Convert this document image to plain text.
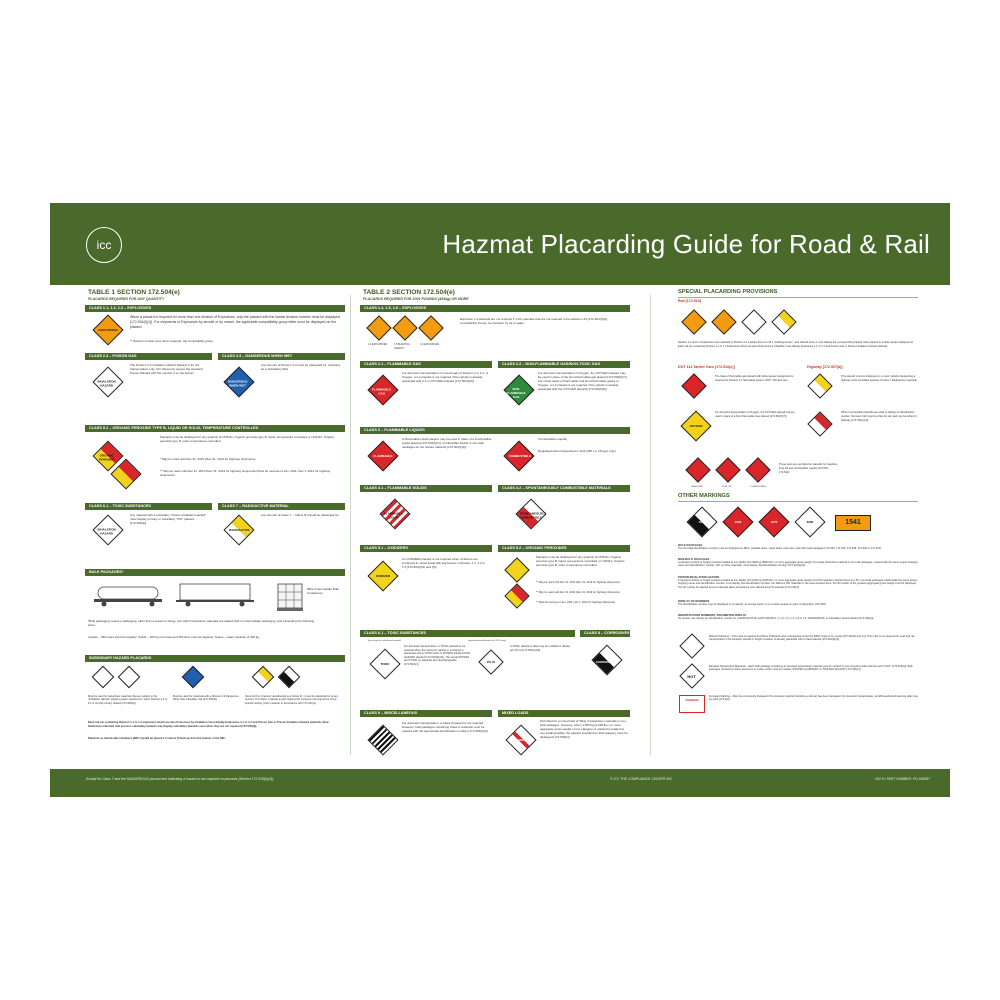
icc	Hazmat Placarding Guide for Road & Rail
TABLE 1 SECTION 172.504(e)
PLACARDS REQUIRED FOR ANY QUANTITY
CLASS 1.1, 1.2, 1.3 – EXPLOSIVES
EXPLOSIVES
When a placard is required for more than one division of Explosives, only the placard with the lowest division number must be displayed [172.504(f)(1)]. For shipments of Explosives by aircraft or by vessel, the applicable compatibility group letter must be displayed on the placard.
** Division number and, when required, the compatibility group.
CLASS 2.3 – POISON GAS
INHALATION HAZARD
The Division 2.3 Inhalation Hazard Placard is for US transportation only. UN shipments require the standard Poison Placard with the number 2 on the bottom.
CLASS 4.3 – DANGEROUS WHEN WET
DANGEROUS WHEN WET
Any amount of Division 4.3 must be placarded for, including as a Subsidiary Risk.
CLASS 5.2 – ORGANIC PEROXIDE TYPE B, LIQUID OR SOLID, TEMPERATURE CONTROLLED
ORGANIC PEROXIDE
Placards must be displayed for any quantity of UN3111, Organic peroxide type B, liquid, temperature controlled or UN3112, Organic peroxide type B, solid, temperature controlled.
* May be used until Dec 31, 2010 (Dec 31, 2013 for highway shipments)
** May be used until Dec 31, 2010 (Dec 31, 2013 for highway shipments) Must be used as of Jan, 2011 (Jan 1, 2014 for highway shipments).
CLASS 6.1 – TOXIC SUBSTANCES
INHALATION HAZARD
Any material with a subsidiary "Poison Inhalation Hazard" must display primary or subsidiary "PIH" placard [172.505(a)].
CLASS 7 – RADIOACTIVE MATERIAL
RADIOACTIVE
Any amount of Class 7 – Yellow III should be placarded for.
BULK PACKAGES*
IBCs (Intermediate Bulk Containers)
*Bulk packaging means a packaging, other than a vessel or barge, into which hazardous materials are loaded with no intermediate packaging, and exceeding the following sizes:
Liquids – 450 Liters internal capacity; Solids – 400 kg net mass and 450 liters internal capacity; Gases – water capacity of 454 kg.
SUBSIDIARY HAZARD PLACARDS
Must be used for hazardous materials that are subject to the "Inhalation Hazard" shipping paper requirement, when Division 2.3 or 6.1 is not the primary hazard [172.505(a)].
Must be used for materials with a Division 4.3 Dangerous When Wet subsidiary risk [172.505(b)].
Since HCII or Uranium Hexafluoride is a Yellow III, it must be placarded for at any amount. The Class 7 placard is also required for exclusive use shipments of low specific activity (LSA) material, in accordance with 173.427(a).
Each rail car containing Division 1.1 or 1.2 explosives which are also Poisonous by inhalation must display Explosives 1.1 or 1.2 and Poison Gas or Poison Inhalation Hazard placards. Note: Hazardous materials that possess subsidiary hazards may display subsidiary placards even when they are not required [172.505(d)].
Placards on intermodal containers (IMC) should be placed 1.5 meters (5 feet) up from the bottom of the IMC.
TABLE 2 SECTION 172.504(e)
PLACARDS REQUIRED FOR 1001 POUNDS (454kg) OR MORE
CLASS 1.4, 1.5, 1.6 – EXPLOSIVES
1.4 EXPLOSIVES	1.5 BLASTING AGENTS
1.6 EXPLOSIVES
Explosive 1.4 placards are not required if 1.4S materials that are not required to be labeled 1.4S [172.504(f)(2)]. Compatibility Group, for transport by air or water.
CLASS 2.1 – FLAMMABLE GAS
FLAMMABLE GAS
For domestic transportation of mixed loads of Division 2.2, 2.1, or Oxygen, a 2.2 placard is not required if the vehicle is already placarded with 2.1 or OXYGEN placard [172.504(f)(4)].
CLASS 2.2 – NON-FLAMMABLE GAS/NON-TOXIC GAS
NON-FLAMMABLE GAS
For domestic transportation of Oxygen, the OXYGEN placard may be used in place of the Non-Flammable gas placard [172.504(f)(7)]. For mixed loads of Flammable and Non-Flammable gases or Oxygen, a 2.2 placard is not required if the vehicle is already placarded with the OXYGEN placard [172.504(f)(8)].
CLASS 3 – FLAMMABLE LIQUIDS
FLAMMABLE
A Flammable Liquid placard may be used in place of a Combustible Liquid placard [172.504(f)(2)]. Combustible liquids in non-bulk packages do not require placards [172.504(f)(2)].
COMBUSTIBLE
(Combustible Liquids)
Regulated when transported in bulk (450 l or 119 gal. only).
CLASS 4.1 – FLAMMABLE SOLIDS
FLAMMABLE SOLID
CLASS 4.2 – SPONTANEOUSLY COMBUSTIBLE MATERIALS
SPONTANEOUSLY COMBUSTIBLE
CLASS 5.1 – OXIDIZERS
OXIDIZER
An OXIDIZER placard is not required when Oxidizers are combined in mixed loads with Explosives in Division 1.1, 1.2 or 1.5 [172.504(f)(4) and (5)].
CLASS 5.2 – ORGANIC PEROXIDES
Placards must be displayed for any quantity of UN3111, Organic peroxide type B, liquid, temperature controlled or UN3112, Organic peroxide type B, solid, temperature controlled.
** May be used until Dec 31, 2010 (Dec 31, 2013 for highway shipments)
** May be used until Dec 31, 2010 (Dec 31, 2013 for highway shipments)
** Must be used as of Jan, 2011 (Jan 1, 2014 for highway shipments).
CLASS 6.1 – TOXIC SUBSTANCES
(not shown for inhalation hazards)	(authorized modification for PG III only)
TOXIC
For domestic transportation, a TOXIC placard is not required when the transport vehicle or container is placarded with a TOXIC GAS or POISON INHALATION HAZARD placard [172.504(f)(10)]. The words POISON and TOXIC on placards are interchangeable [172.504(c)].
PG III
A TOXIC placard or label may be modified to display text PG III [172.504(f)(10)].
CLASS 8 – CORROSIVES
CORROSIVE
CLASS 9 – MISCELLANEOUS
For domestic transportation, a Class 9 placard is not required. However, bulk packages containing Class 9 materials must be marked with the appropriate identification number [172.504(f)(9)].
MIXED LOADS
DANGEROUS
Permitted for a mixed load of Table 2 hazardous materials in non-bulk packages. However, when 1,000 kg (2,205 lbs.) or more aggregate gross weight of one category of material is loaded at one loading facility, the placard specified for that category must be displayed [172.504(b)].
SPECIAL PLACARDING PROVISIONS
Rail [172.510]
Division 1.1 and 1.2 Explosives and materials in Division 2.3, Hazard Zone A or B.1, Packing Group I, and Hazard Zone A must display the corresponding hazard class placard in a white square background. Each rail car containing Division 1.1 or 1.2 Explosives which are also Poisonous by inhalation must display Explosives 1.1 or 1.2 and Poison Gas or Poison Inhalation Hazard placards.
DOT 113 Tanker Cars [172.510(c)]
The Class 2 flammable gas placard with white square background is required for Division 2.1 flammable gases in DOT 113 tank cars.
Highway [172.507(a)]
This placard must be displayed on a motor vehicle transporting a highway route controlled quantity of Class 7 Radioactive materials.
OXYGEN
For domestic transportation of Oxygen, the OXYGEN placard may be used in place of a Non-Flammable Gas placard [172.504(f)(7)].
When Combustible placards are used to display an identification number, the lower half must be white for rail, and may be white for highway [172.332(c)(4)].
GASOLINE	FUEL OIL	COMBUSTIBLE
These texts are permitted on placards for Gasoline, Fuel Oil and Combustible Liquids [172.542, 172.544].
OTHER MARKINGS
1824	1993	1075	3082	1541
BULK PACKAGES
The four-digit identification number must be displayed on IBCs, portable tanks, cargo tanks, tank cars, and other bulk packages [172.302, 172.326, 172.328, 172.330 or 172.331].
NON-BULK PACKAGES
A transport vehicle or freight container loaded at one facility with 4000 kg (8820 lbs.) or more aggregate gross weight of a single hazardous material in non-bulk packages, marked with the same proper shipping name and identification number, with no other materials, must display that identification number [172.301(a)(3)].
POISON INHALATION HAZARD
A transport vehicle or freight container loaded at one facility with 1000 kg (2205 lbs.) or more aggregate gross weight of a PIH material in Hazard Zone A or B in non-bulk packages marked with the same proper shipping name and identification number, must display that identification number. For different PIH materials in the same Hazard Zone, the ID number of the greatest aggregate gross weight must be displayed. The ID number for Hazard Zone A materials takes precedence over Hazard Zone B materials [172.313(c)].
DISPLAY OF NUMBERS
The identification number may be displayed on a placard, an orange panel, or on a white square-on-point configuration [172.332].
IDENTIFICATION NUMBERS, PROHIBITED DISPLAY
No person may display an identification number on a RADIOACTIVE, EXPLOSIVES 1.1, 1.2, 1.3, 1.4, 1.5 or 1.6, DANGEROUS, or subsidiary hazard placard [172.334(a)].
Marine Pollutants – This mark is required for Marine Pollutants when transported under the IMDG Code or by vessel [172.322(b) and (c)]. This mark is not required for road and rail transportation if the transport vehicle or freight container is already placarded with a Class placard [172.322(d)(3)].
HOT
Elevated Temperature Materials – Each bulk package containing an elevated temperature material must be marked on two opposing sides with the word "HOT" [172.325(a)]. Bulk packages containing molten aluminum or molten sulfur must be marked "MOLTEN ALUMINUM" or "MOLTEN SULFUR" [172.325(c)].
DANGER
Fumigant Marking – Must be prominently displayed if the transport vehicle (including a rail car) has been fumigated. For domestic transportation, an EPA authorized warning label may be used [173.9(c)].
Except for Class 7 and the DANGEROUS placard text indicating a hazard is not required on placards (Section 172.519(b)(3)).	© ICC THE COMPLIANCE CENTER INC.	V02.5 / PART NUMBER: PO-HMZ87
